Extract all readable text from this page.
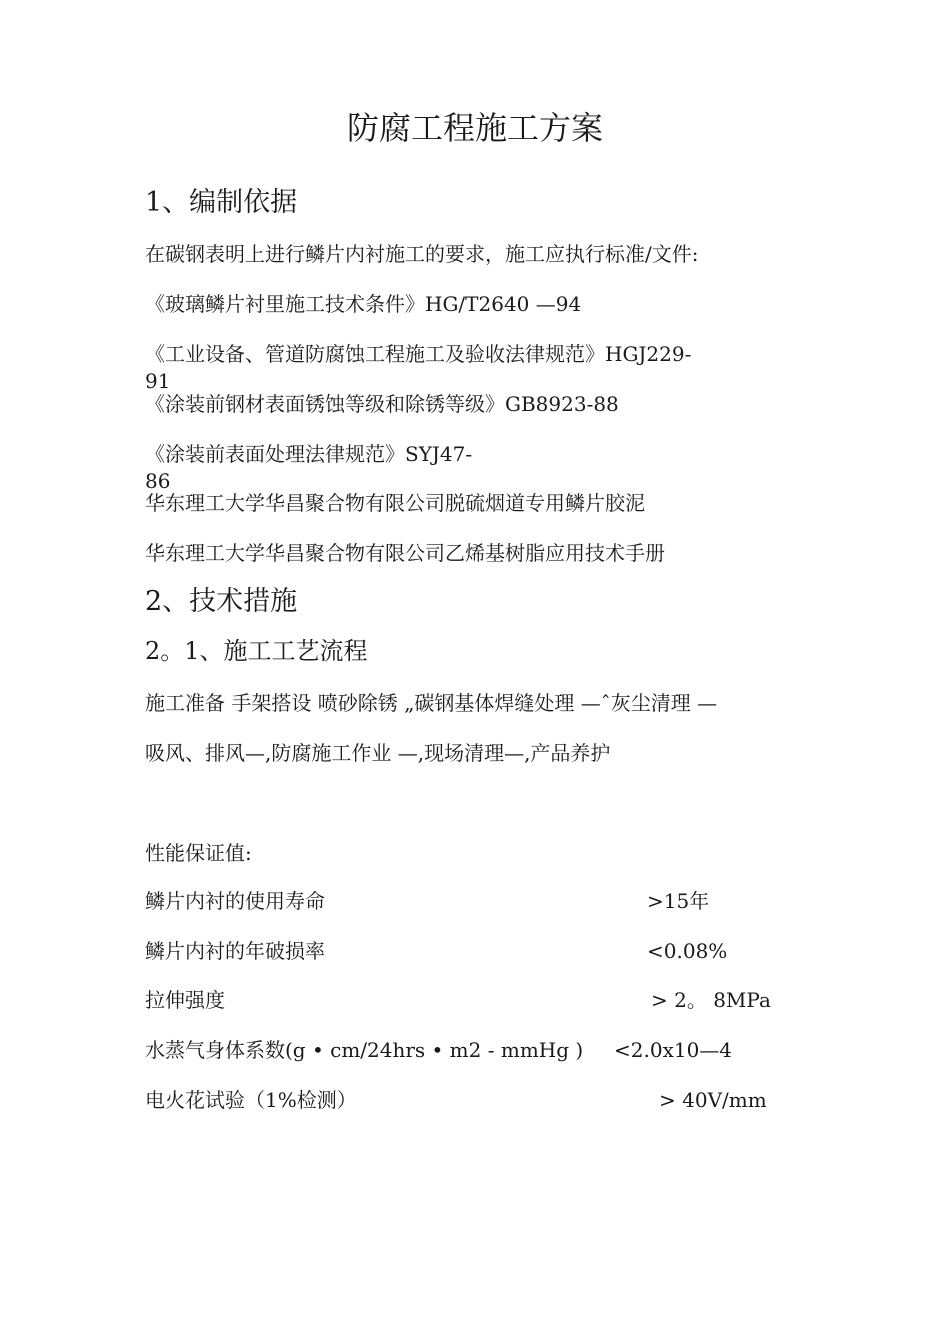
防腐工程施工方案
1、编制依据
在碳钢表明上进行鳞片内衬施工的要求，施工应执行标准/文件:
《玻璃鳞片衬里施工技术条件》HG/T2640 —94
《工业设备、管道防腐蚀工程施工及验收法律规范》HGJ229-
91
《涂装前钢材表面锈蚀等级和除锈等级》GB8923-88
《涂装前表面处理法律规范》SYJ47-
86
华东理工大学华昌聚合物有限公司脱硫烟道专用鳞片胶泥
华东理工大学华昌聚合物有限公司乙烯基树脂应用技术手册
2、技术措施
2。1、施工工艺流程
施工准备 手架搭设 喷砂除锈 „碳钢基体焊缝处理 —ˆ灰尘清理 —
吸风、排风—,防腐施工作业 —,现场清理—,产品养护
性能保证值:
鳞片内衬的使用寿命	>15年
鳞片内衬的年破损率	<0.08%
拉伸强度	> 2。 8MPa
水蒸气身体系数(g • cm/24hrs • m2 - mmHg ) <2.0x10—4
电火花试验（1%检测）	> 40V/mm
